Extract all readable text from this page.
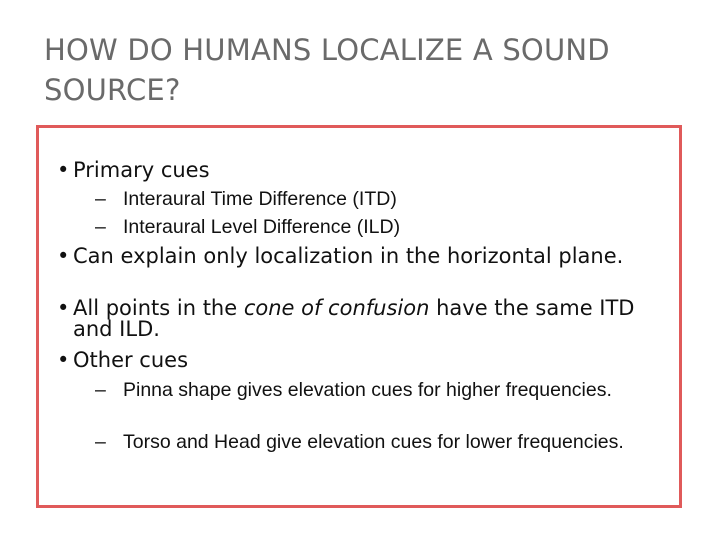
HOW DO HUMANS LOCALIZE A SOUND SOURCE?
• Primary cues
– Interaural Time Difference (ITD)
– Interaural Level Difference (ILD)
• Can explain only localization in the horizontal plane.
• All points in the cone of confusion have the same ITD and ILD.
• Other cues
– Pinna shape gives elevation cues for higher frequencies.
– Torso and Head give elevation cues for lower frequencies.
